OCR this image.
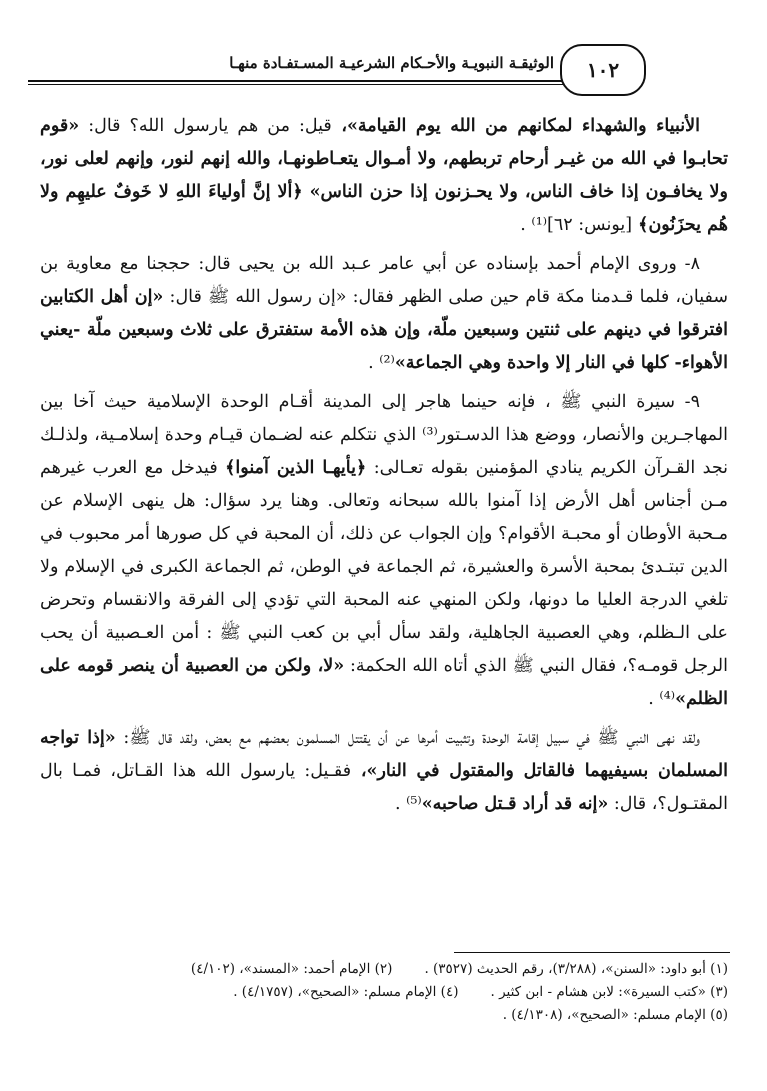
الوثيقـة النبويـة والأحـكام الشرعيـة المسـتفـادة منهـا	١٠٢

الأنبياء والشهداء لمكانهم من الله يوم القيامة»، قيل: من هم يارسول الله؟ قال: «قوم تحابـوا في الله من غيـر أرحام تربطهم، ولا أمـوال يتعـاطونهـا، والله إنهم لنور، وإنهم لعلى نور، ولا يخافـون إذا خاف الناس، ولا يحـزنون إذا حزن الناس» ﴿ألا إنَّ أولياءَ اللهِ لا خَوفٌ عليهِم ولا هُم يحزَنُون﴾ [يونس: ٦٢]⁽¹⁾ .

٨- وروى الإمام أحمد بإسناده عن أبي عامر عـبد الله بن يحيى قال: حججنا مع معاوية بن سفيان، فلما قـدمنا مكة قام حين صلى الظهر فقال: «إن رسول الله ﷺ قال: «إن أهل الكتابين افترقوا في دينهم على ثنتين وسبعين ملّة، وإن هذه الأمة ستفترق على ثلاث وسبعين ملّة -يعني الأهواء- كلها في النار إلا واحدة وهي الجماعة»⁽²⁾ .

٩- سيرة النبي ﷺ ، فإنه حينما هاجر إلى المدينة أقـام الوحدة الإسلامية حيث آخا بين المهاجـرين والأنصار، ووضع هذا الدسـتور⁽³⁾ الذي نتكلم عنه لضـمان قيـام وحدة إسلامـية، ولذلـك نجد القـرآن الكريم ينادي المؤمنين بقوله تعـالى: ﴿يأيهـا الذين آمنوا﴾ فيدخل مع العرب غيرهم مـن أجناس أهل الأرض إذا آمنوا بالله سبحانه وتعالى. وهنا يرد سؤال: هل ينهى الإسلام عن مـحبة الأوطان أو محبـة الأقوام؟ وإن الجواب عن ذلك، أن المحبة في كل صورها أمر محبوب في الدين تبتـدئ بمحبة الأسرة والعشيرة، ثم الجماعة في الوطن، ثم الجماعة الكبرى في الإسلام ولا تلغي الدرجة العليا ما دونها، ولكن المنهي عنه المحبة التي تؤدي إلى الفرقة والانقسام وتحرض على الـظلم، وهي العصبية الجاهلية، ولقد سأل أبي بن كعب النبي ﷺ : أمن العـصبية أن يحب الرجل قومـه؟، فقال النبي ﷺ الذي أتاه الله الحكمة: «لا، ولكن من العصبية أن ينصر قومه على الظلم»⁽⁴⁾ .

ولقد نهى النبي ﷺ في سبيل إقامة الوحدة وتثبيت أمرها عن أن يقتتل المسلمون بعضهم مع بعض، ولقد قال ﷺ: «إذا تواجه المسلمان بسيفيهما فالقاتل والمقتول في النار»، فقـيل: يارسول الله هذا القـاتل، فمـا بال المقتـول؟، قال: «إنه قد أراد قـتل صاحبه»⁽⁵⁾ .

(١) أبو داود: «السنن»، (٣/٢٨٨)، رقم الحديث (٣٥٢٧) .
(٢) الإمام أحمد: «المسند»، (٤/١٠٢)
(٣) «كتب السيرة»: لابن هشام - ابن كثير .
(٤) الإمام مسلم: «الصحيح»، (٤/١٧٥٧) .
(٥) الإمام مسلم: «الصحيح»، (٤/١٣٠٨) .
